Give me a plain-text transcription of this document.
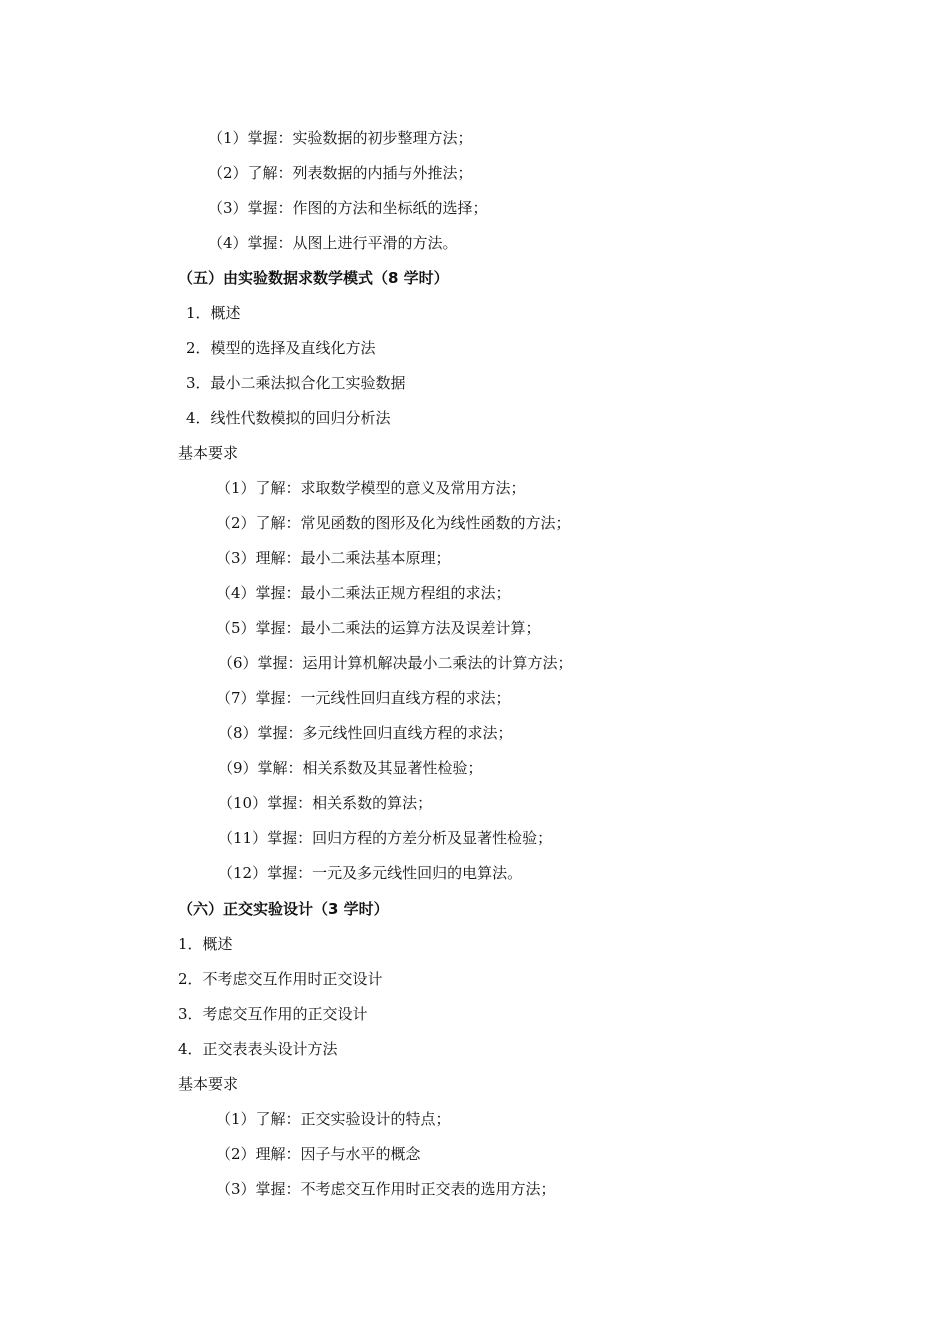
（1）掌握：实验数据的初步整理方法；
（2）了解：列表数据的内插与外推法；
（3）掌握：作图的方法和坐标纸的选择；
（4）掌握：从图上进行平滑的方法。
（五）由实验数据求数学模式（8 学时）
1．概述
2．模型的选择及直线化方法
3．最小二乘法拟合化工实验数据
4．线性代数模拟的回归分析法
基本要求
（1）了解：求取数学模型的意义及常用方法；
（2）了解：常见函数的图形及化为线性函数的方法；
（3）理解：最小二乘法基本原理；
（4）掌握：最小二乘法正规方程组的求法；
（5）掌握：最小二乘法的运算方法及误差计算；
（6）掌握：运用计算机解决最小二乘法的计算方法；
（7）掌握：一元线性回归直线方程的求法；
（8）掌握：多元线性回归直线方程的求法；
（9）掌解：相关系数及其显著性检验；
（10）掌握：相关系数的算法；
（11）掌握：回归方程的方差分析及显著性检验；
（12）掌握：一元及多元线性回归的电算法。
（六）正交实验设计（3 学时）
1．概述
2．不考虑交互作用时正交设计
3．考虑交互作用的正交设计
4．正交表表头设计方法
基本要求
（1）了解：正交实验设计的特点；
（2）理解：因子与水平的概念
（3）掌握：不考虑交互作用时正交表的选用方法；
